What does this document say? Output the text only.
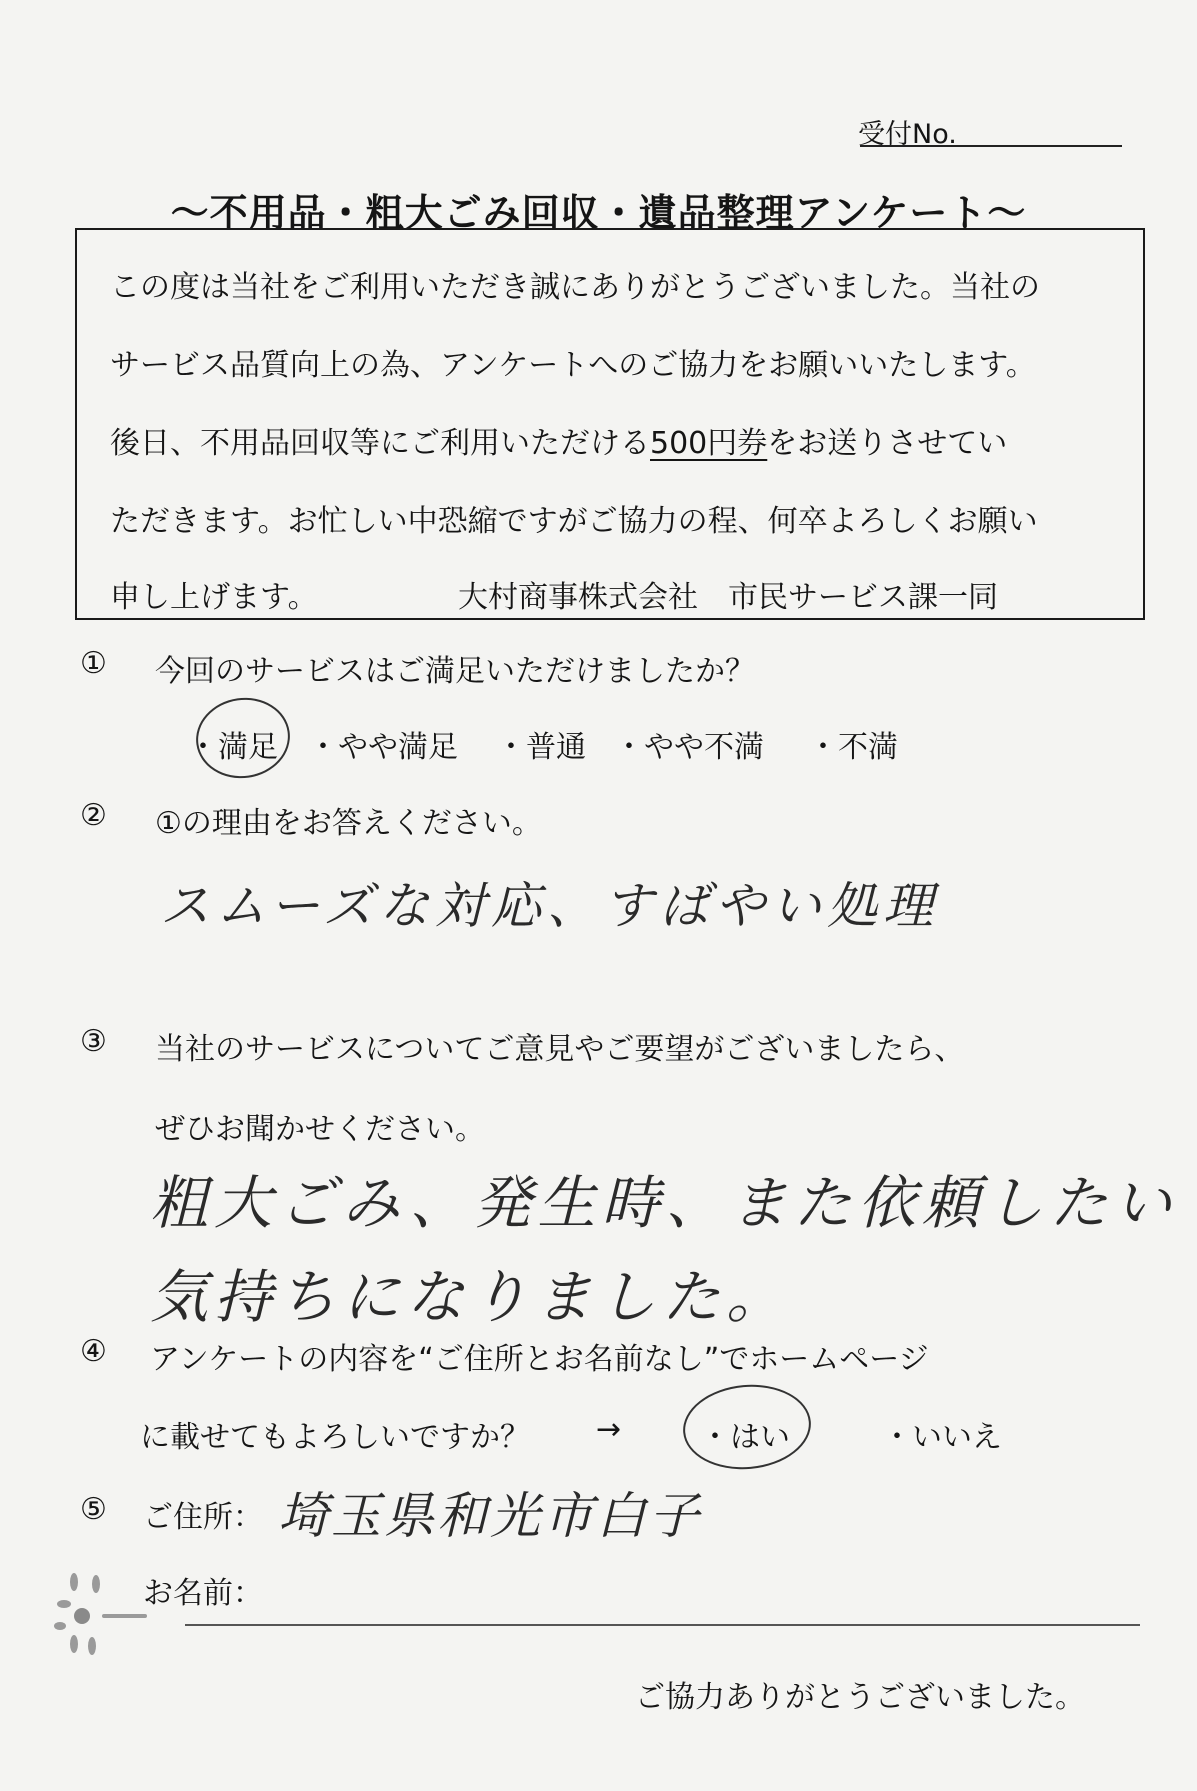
受付No.
～不用品・粗大ごみ回収・遺品整理アンケート～
この度は当社をご利用いただき誠にありがとうございました。当社の
サービス品質向上の為、アンケートへのご協力をお願いいたします。
後日、不用品回収等にご利用いただける500円券をお送りさせてい
ただきます。お忙しい中恐縮ですがご協力の程、何卒よろしくお願い
申し上げます。	大村商事株式会社　市民サービス課一同
① 今回のサービスはご満足いただけましたか？
・満足 ・やや満足 ・普通 ・やや不満 ・不満
② ①の理由をお答えください。
スムーズな対応、すばやい処理
③ 当社のサービスについてご意見やご要望がございましたら、
ぜひお聞かせください。
粗大ごみ、発生時、また依頼したい
気持ちになりました。
④ アンケートの内容を“ご住所とお名前なし”でホームページ
に載せてもよろしいですか？ →	・はい	・いいえ
⑤ ご住所： 埼玉県和光市白子
お名前：
ご協力ありがとうございました。
